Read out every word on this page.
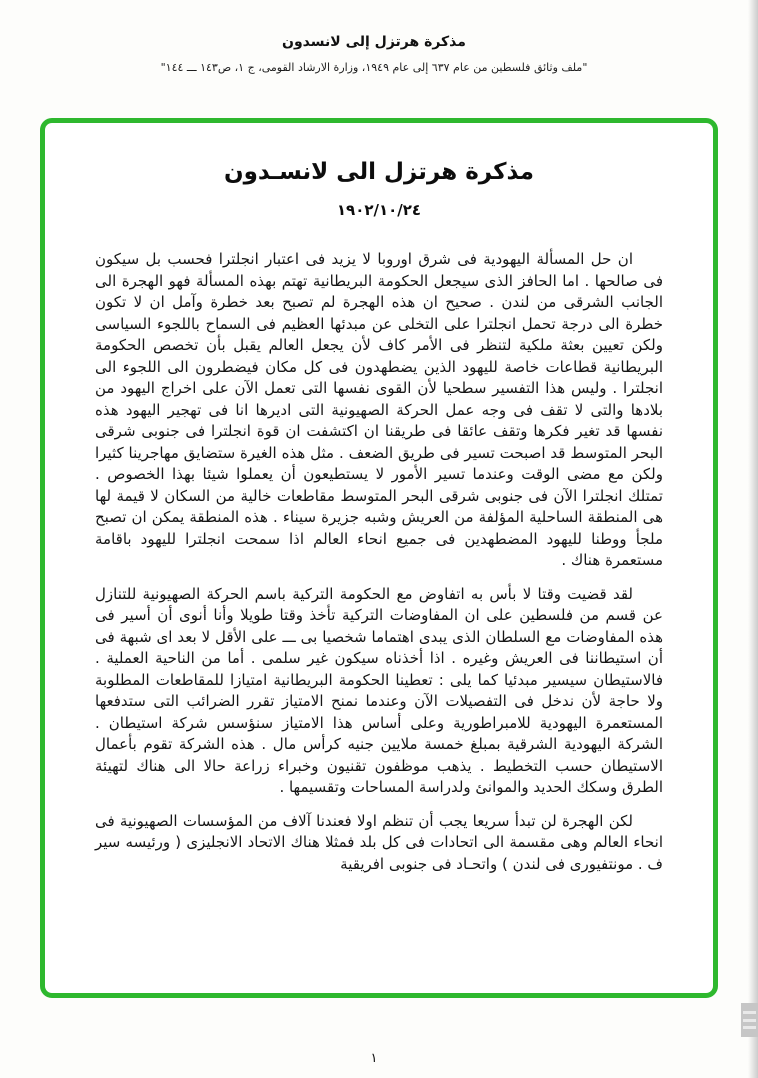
مذكرة هرتزل إلى لانسدون
"ملف وثائق فلسطين من عام ٦٣٧ إلى عام ١٩٤٩، وزارة الارشاد القومى، ج ١، ص١٤٣ ـــ ١٤٤"
مذكرة هرتزل الى لانسـدون
١٩٠٢/١٠/٢٤

ان حل المسألة اليهودية فى شرق اوروبا لا يزيد فى اعتبار انجلترا فحسب بل سيكون فى صالحها . اما الحافز الذى سيجعل الحكومة البريطانية تهتم بهذه المسألة فهو الهجرة الى الجانب الشرقى من لندن . صحيح ان هذه الهجرة لم تصبح بعد خطرة وآمل ان لا تكون خطرة الى درجة تحمل انجلترا على التخلى عن مبدئها العظيم فى السماح باللجوء السياسى ولكن تعيين بعثة ملكية لتنظر فى الأمر كاف لأن يجعل العالم يقبل بأن تخصص الحكومة البريطانية قطاعات خاصة لليهود الذين يضطهدون فى كل مكان فيضطرون الى اللجوء الى انجلترا . وليس هذا التفسير سطحيا لأن القوى نفسها التى تعمل الآن على اخراج اليهود من بلادها والتى لا تقف فى وجه عمل الحركة الصهيونية التى اديرها انا فى تهجير اليهود هذه نفسها قد تغير فكرها وتقف عائقا فى طريقنا ان اكتشفت ان قوة انجلترا فى جنوبى شرقى البحر المتوسط قد اصبحت تسير فى طريق الضعف . مثل هذه الغيرة ستضايق مهاجرينا كثيرا ولكن مع مضى الوقت وعندما تسير الأمور لا يستطيعون أن يعملوا شيئا بهذا الخصوص . تمتلك انجلترا الآن فى جنوبى شرقى البحر المتوسط مقاطعات خالية من السكان لا قيمة لها هى المنطقة الساحلية المؤلفة من العريش وشبه جزيرة سيناء . هذه المنطقة يمكن ان تصبح ملجأ ووطنا لليهود المضطهدين فى جميع انحاء العالم اذا سمحت انجلترا لليهود باقامة مستعمرة هناك .

لقد قضيت وقتا لا بأس به اتفاوض مع الحكومة التركية باسم الحركة الصهيونية للتنازل عن قسم من فلسطين على ان المفاوضات التركية تأخذ وقتا طويلا وأنا أنوى أن أسير فى هذه المفاوضات مع السلطان الذى يبدى اهتماما شخصيا بى ـــ على الأقل لا بعد اى شبهة فى أن استيطاننا فى العريش وغيره . اذا أخذناه سيكون غير سلمى . أما من الناحية العملية . فالاستيطان سيسير مبدئيا كما يلى : تعطينا الحكومة البريطانية امتيازا للمقاطعات المطلوبة ولا حاجة لأن ندخل فى التفصيلات الآن وعندما نمنح الامتياز تقرر الضرائب التى ستدفعها المستعمرة اليهودية للامبراطورية وعلى أساس هذا الامتياز سنؤسس شركة استيطان . الشركة اليهودية الشرقية بمبلغ خمسة ملايين جنيه كرأس مال . هذه الشركة تقوم بأعمال الاستيطان حسب التخطيط . يذهب موظفون تقنيون وخبراء زراعة حالا الى هناك لتهيئة الطرق وسكك الحديد والموانئ ولدراسة المساحات وتقسيمها .

لكن الهجرة لن تبدأ سريعا يجب أن تنظم اولا فعندنا آلاف من المؤسسات الصهيونية فى انحاء العالم وهى مقسمة الى اتحادات فى كل بلد فمثلا هناك الاتحاد الانجليزى ( ورئيسه سير ف . مونتفيورى فى لندن ) واتحـاد فى جنوبى افريقية

١
